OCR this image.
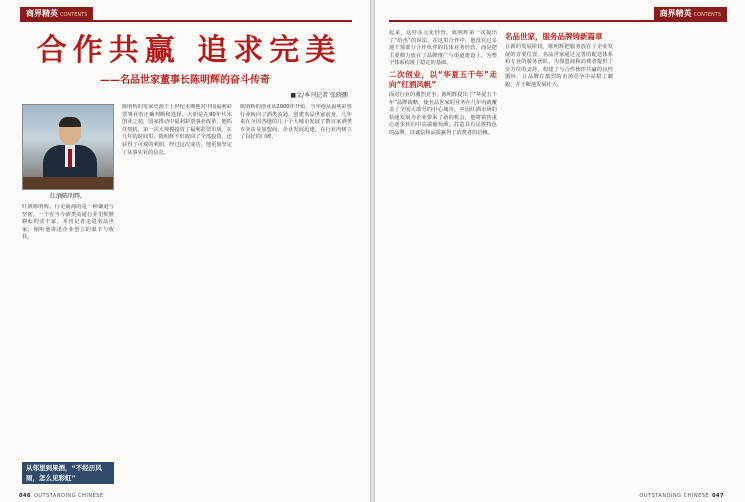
商界精英 CONTENTS
合作共赢 追求完美
——名品世家董事长陈明辉的奋斗传奇
■文/本刊记者 张晓鹏
红酒陈明辉。
红酒陈明辉，行走商海的是一种谦逊与坚韧，一个在当今酒类流通行业里默默耕耘的实干家。本刊记者走进名品世家，倾听他讲述企业创立的艰辛与收获。
陈明辉的发家史源于上世纪末期他对中国福利彩票事业的正确判断和选择。大胆是在90年代末创业之初，国家推动中福利彩票事业改革，他抓住契机，第一次大规模投资了福利彩票市场。在几年的时间里，陈明辉不但收回了全部投资，还获得了可观的利润，经过这次成功，他更加坚定了从事实业的信念。
陈明辉的创业从2000年开始，当年他从福利彩票行业转向了酒类流通，创建名品世家前身，几年来在全国各地的几十个大城市发展了数百家酒类专卖店及加盟商，企业发展迅速，在行业内树立了良好的口碑。
从邻里到果酒，“不经历风雨，怎么见彩虹”
046 OUTSTANDING CHINESE
商界精英 CONTENTS
起来，这样多元化经营，陈明辉第一次提出了“给杰”的说法。在这里合作中，他没有过多地干预部分合作伙伴的具体业务经营，而是把主要精力放在了品牌推广与渠道建设上，为整个体系构筑了稳定的基础。
二次创业，以“华夏五千年”走向“红酒风帆”
面对行业的激烈竞争，陈明辉提出了“华夏五千年”品牌战略，使名品世家的业务在几年内就覆盖了全国大部分的中心城市。中国红酒市场的快速发展为企业带来了新的机会，他将销售重心逐步转向中高端葡萄酒，打造具有民族特色的品牌，以诚信和品质赢得了消费者的信赖。
名品世家，服务品牌铸新篇章
在新的发展阶段，陈明辉把服务放在了企业发展的首要位置。名品世家通过完善的配送体系和专业的服务团队，为加盟商和消费者提供了全方位的支持，构建了与合作伙伴共赢的良性循环，让品牌在激烈的市场竞争中站稳了脚跟，并不断地发展壮大。
OUTSTANDING CHINESE 047
